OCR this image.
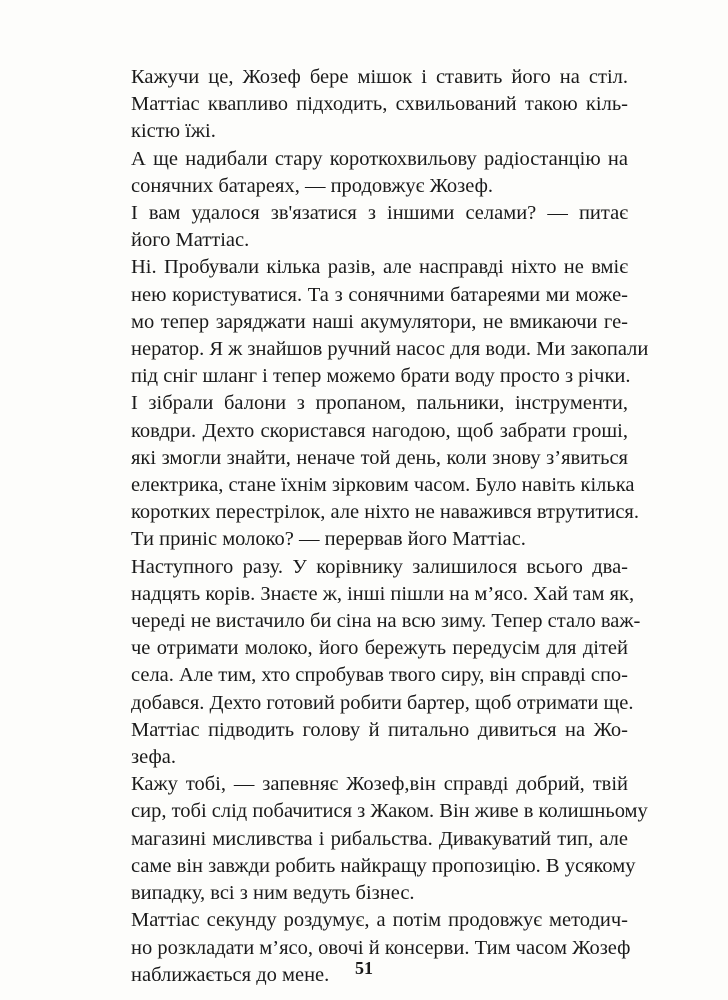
Кажучи це, Жозеф бере мішок і ставить його на стіл.
Маттіас квапливо підходить, схвильований такою кіль-
кістю їжі.

А ще надибали стару короткохвильову радіостанцію на
сонячних батареях, — продовжує Жозеф.

І вам удалося зв'язатися з іншими селами? — питає
його Маттіас.

Ні. Пробували кілька разів, але насправді ніхто не вміє
нею користуватися. Та з сонячними батареями ми може-
мо тепер заряджати наші акумулятори, не вмикаючи ге-
нератор. Я ж знайшов ручний насос для води. Ми закопали
під сніг шланг і тепер можемо брати воду просто з річки.
І зібрали балони з пропаном, пальники, інструменти,
ковдри. Дехто скористався нагодою, щоб забрати гроші,
які змогли знайти, неначе той день, коли знову з’явиться
електрика, стане їхнім зірковим часом. Було навіть кілька
коротких перестрілок, але ніхто не наважився втрутитися.

Ти приніс молоко? — перервав його Маттіас.

Наступного разу. У корівнику залишилося всього два-
надцять корів. Знаєте ж, інші пішли на м’ясо. Хай там як,
череді не вистачило би сіна на всю зиму. Тепер стало важ-
че отримати молоко, його бережуть передусім для дітей
села. Але тим, хто спробував твого сиру, він справді спо-
добався. Дехто готовий робити бартер, щоб отримати ще.

Маттіас підводить голову й питально дивиться на Жо-
зефа.

Кажу тобі, — запевняє Жозеф,він справді добрий, твій
сир, тобі слід побачитися з Жаком. Він живе в колишньому
магазині мисливства і рибальства. Дивакуватий тип, але
саме він завжди робить найкращу пропозицію. В усякому
випадку, всі з ним ведуть бізнес.

Маттіас секунду роздумує, а потім продовжує методич-
но розкладати м’ясо, овочі й консерви. Тим часом Жозеф
наближається до мене.	51
